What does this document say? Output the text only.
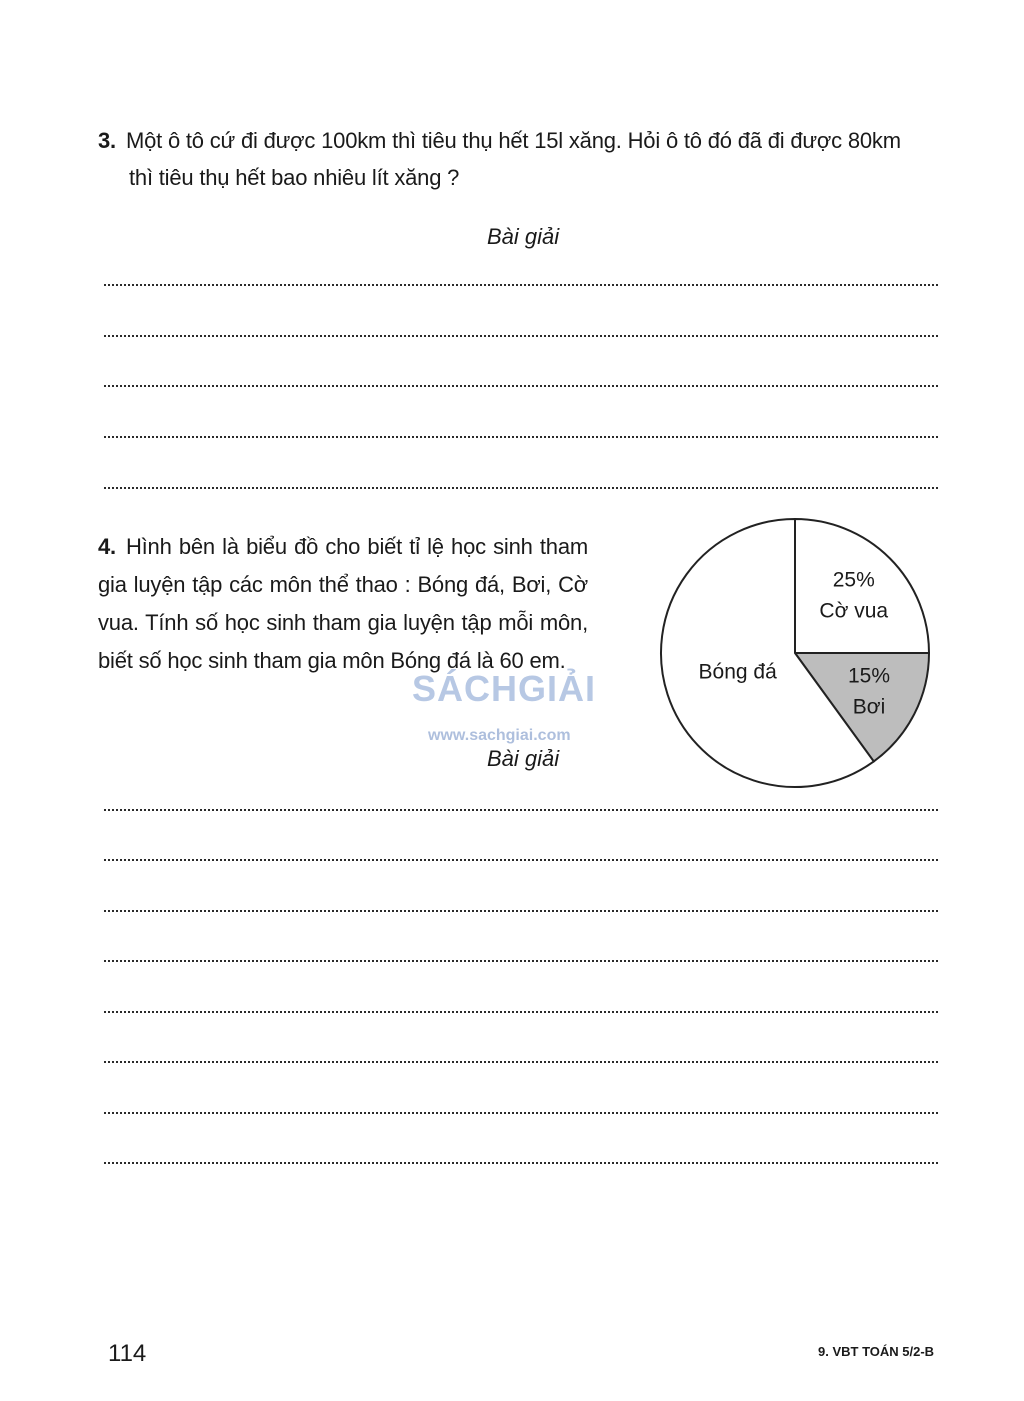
3. Một ô tô cứ đi được 100km thì tiêu thụ hết 15l xăng. Hỏi ô tô đó đã đi được 80km
thì tiêu thụ hết bao nhiêu lít xăng ?
Bài giải
4. Hình bên là biểu đồ cho biết tỉ lệ học sinh tham gia luyện tập các môn thể thao : Bóng đá, Bơi, Cờ vua. Tính số học sinh tham gia luyện tập mỗi môn, biết số học sinh tham gia môn Bóng đá là 60 em.
25% Cờ vua
15% Bơi
Bóng đá
SÁCHGIẢI
www.sachgiai.com
Bài giải
114	9. VBT TOÁN 5/2-B
